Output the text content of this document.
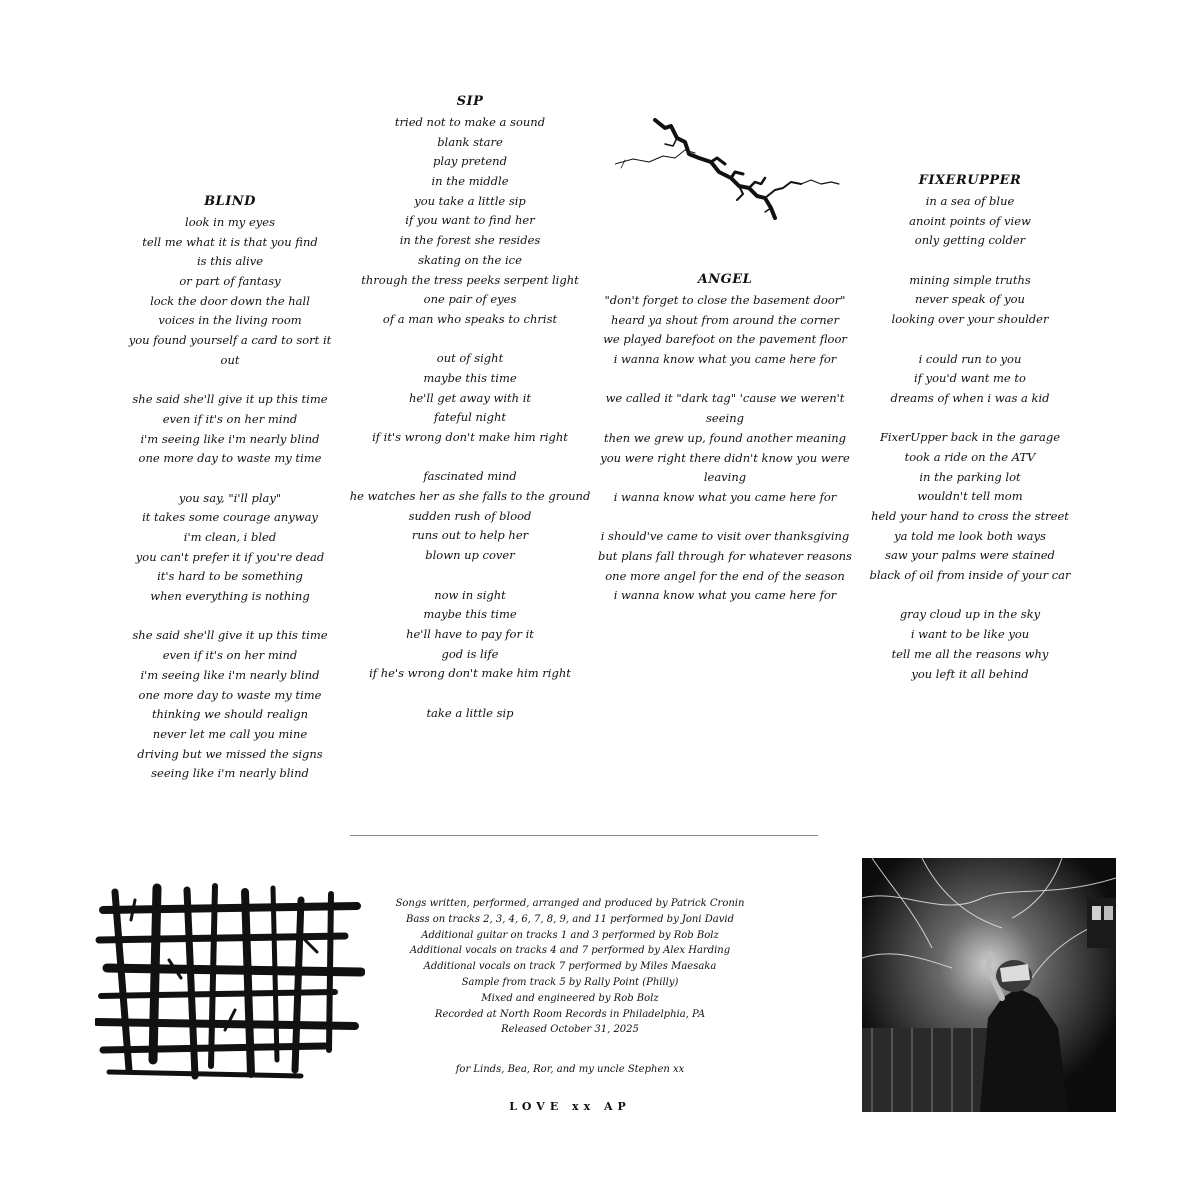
BLIND
look in my eyes
tell me what it is that you find
is this alive
or part of fantasy
lock the door down the hall
voices in the living room
you found yourself a card to sort it
out

she said she'll give it up this time
even if it's on her mind
i'm seeing like i'm nearly blind
one more day to waste my time

you say, "i'll play"
it takes some courage anyway
i'm clean, i bled
you can't prefer it if you're dead
it's hard to be something
when everything is nothing

she said she'll give it up this time
even if it's on her mind
i'm seeing like i'm nearly blind
one more day to waste my time
thinking we should realign
never let me call you mine
driving but we missed the signs
seeing like i'm nearly blind
SIP
tried not to make a sound
blank stare
play pretend
in the middle
you take a little sip
if you want to find her
in the forest she resides
skating on the ice
through the tress peeks serpent light
one pair of eyes
of a man who speaks to christ

out of sight
maybe this time
he'll get away with it
fateful night
if it's wrong don't make him right

fascinated mind
he watches her as she falls to the ground
sudden rush of blood
runs out to help her
blown up cover

now in sight
maybe this time
he'll have to pay for it
god is life
if he's wrong don't make him right

take a little sip
ANGEL
"don't forget to close the basement door"
heard ya shout from around the corner
we played barefoot on the pavement floor
i wanna know what you came here for

we called it "dark tag" 'cause we weren't
seeing
then we grew up, found another meaning
you were right there didn't know you were
leaving
i wanna know what you came here for

i should've came to visit over thanksgiving
but plans fall through for whatever reasons
one more angel for the end of the season
i wanna know what you came here for
FIXERUPPER
in a sea of blue
anoint points of view
only getting colder

mining simple truths
never speak of you
looking over your shoulder

i could run to you
if you'd want me to
dreams of when i was a kid

FixerUpper back in the garage
took a ride on the ATV
in the parking lot
wouldn't tell mom
held your hand to cross the street
ya told me look both ways
saw your palms were stained
black of oil from inside of your car

gray cloud up in the sky
i want to be like you
tell me all the reasons why
you left it all behind
Songs written, performed, arranged and produced by Patrick Cronin
Bass on tracks 2, 3, 4, 6, 7, 8, 9, and 11 performed by Joni David
Additional guitar on tracks 1 and 3 performed by Rob Bolz
Additional vocals on tracks 4 and 7 performed by Alex Harding
Additional vocals on track 7 performed by Miles Maesaka
Sample from track 5 by Rally Point (Philly)
Mixed and engineered by Rob Bolz
Recorded at North Room Records in Philadelphia, PA
Released October 31, 2025
for Linds, Bea, Ror, and my uncle Stephen xx
LOVE xx AP
